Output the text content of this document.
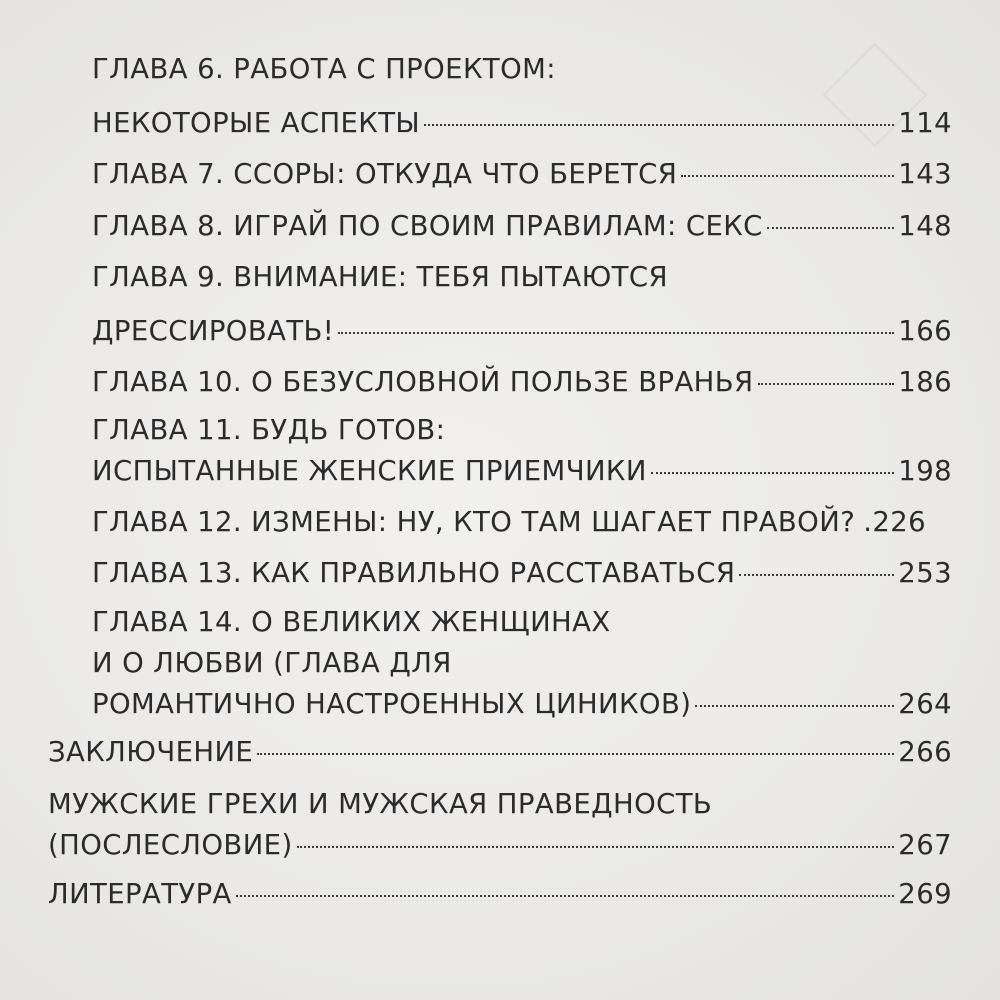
ГЛАВА 6. РАБОТА С ПРОЕКТОМ:
НЕКОТОРЫЕ АСПЕКТЫ	114
ГЛАВА 7. ССОРЫ: ОТКУДА ЧТО БЕРЕТСЯ	143
ГЛАВА 8. ИГРАЙ ПО СВОИМ ПРАВИЛАМ: СЕКС	148
ГЛАВА 9. ВНИМАНИЕ: ТЕБЯ ПЫТАЮТСЯ
ДРЕССИРОВАТЬ!	166
ГЛАВА 10. О БЕЗУСЛОВНОЙ ПОЛЬЗЕ ВРАНЬЯ	186
ГЛАВА 11. БУДЬ ГОТОВ:
ИСПЫТАННЫЕ ЖЕНСКИЕ ПРИЕМЧИКИ	198
ГЛАВА 12. ИЗМЕНЫ: НУ, КТО ТАМ ШАГАЕТ ПРАВОЙ? .226
ГЛАВА 13. КАК ПРАВИЛЬНО РАССТАВАТЬСЯ	253
ГЛАВА 14. О ВЕЛИКИХ ЖЕНЩИНАХ
И О ЛЮБВИ (ГЛАВА ДЛЯ
РОМАНТИЧНО НАСТРОЕННЫХ ЦИНИКОВ)	264
ЗАКЛЮЧЕНИЕ	266
МУЖСКИЕ ГРЕХИ И МУЖСКАЯ ПРАВЕДНОСТЬ
(ПОСЛЕСЛОВИЕ)	267
ЛИТЕРАТУРА	269
